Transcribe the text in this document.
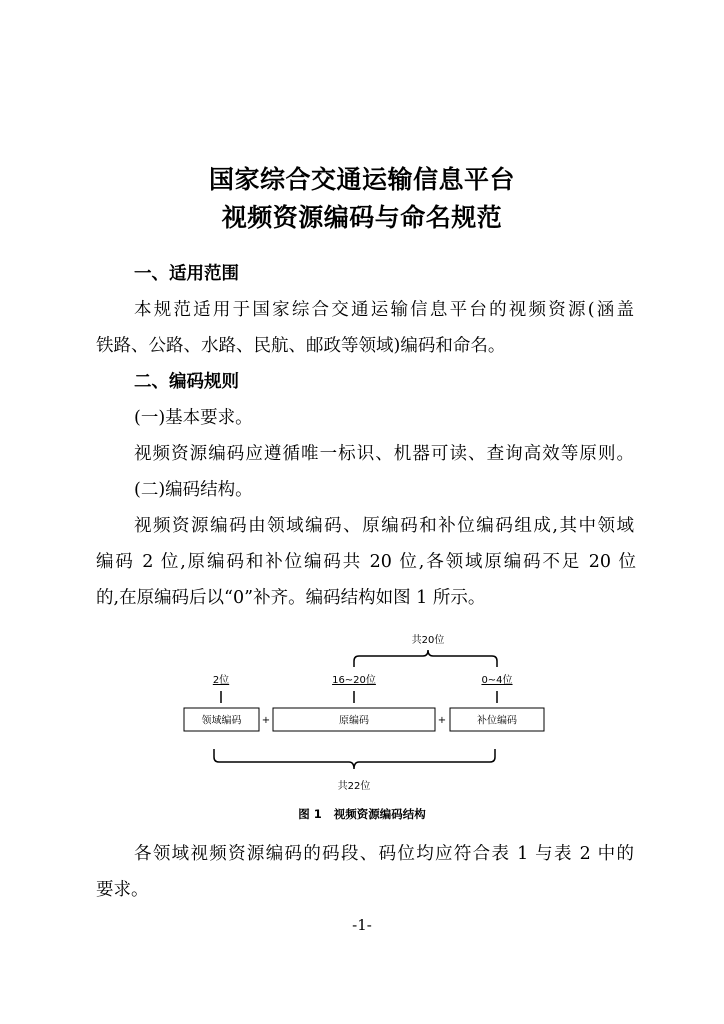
国家综合交通运输信息平台
视频资源编码与命名规范
一、适用范围
本规范适用于国家综合交通运输信息平台的视频资源(涵盖
铁路、公路、水路、民航、邮政等领域)编码和命名。
二、编码规则
(一)基本要求。
视频资源编码应遵循唯一标识、机器可读、查询高效等原则。
(二)编码结构。
视频资源编码由领域编码、原编码和补位编码组成,其中领域
编码 2 位,原编码和补位编码共 20 位,各领域原编码不足 20 位
的,在原编码后以“0”补齐。编码结构如图 1 所示。
共20位
2位	16~20位	0~4位
领域编码 +	原编码	+	补位编码
共22位
图 1   视频资源编码结构
各领域视频资源编码的码段、码位均应符合表 1 与表 2 中的
要求。
-1-
